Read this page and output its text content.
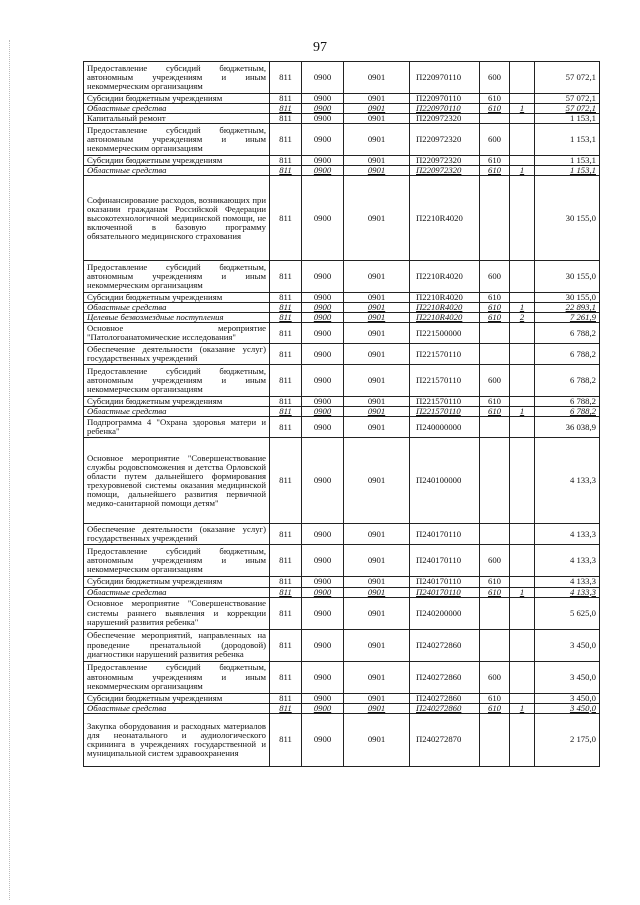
97
Предоставление субсидий бюджетным, автономным учреждениям и иным некоммерческим организациям	811	0900	0901	П220970110	600		57 072,1
Субсидии бюджетным учреждениям	811	0900	0901	П220970110	610		57 072,1
Областные средства	811	0900	0901	П220970110	610	1	57 072,1
Капитальный ремонт	811	0900	0901	П220972320			1 153,1
Предоставление субсидий бюджетным, автономным учреждениям и иным некоммерческим организациям	811	0900	0901	П220972320	600		1 153,1
Субсидии бюджетным учреждениям	811	0900	0901	П220972320	610		1 153,1
Областные средства	811	0900	0901	П220972320	610	1	1 153,1
Софинансирование расходов, возникающих при оказании гражданам Российской Федерации высокотехнологичной медицинской помощи, не включенной в базовую программу обязательного медицинского страхования	811	0900	0901	П2210R4020			30 155,0
Предоставление субсидий бюджетным, автономным учреждениям и иным некоммерческим организациям	811	0900	0901	П2210R4020	600		30 155,0
Субсидии бюджетным учреждениям	811	0900	0901	П2210R4020	610		30 155,0
Областные средства	811	0900	0901	П2210R4020	610	1	22 893,1
Целевые безвозмездные поступления	811	0900	0901	П2210R4020	610	2	7 261,9
Основное мероприятие "Патологоанатомические исследования"	811	0900	0901	П221500000			6 788,2
Обеспечение деятельности (оказание услуг) государственных учреждений	811	0900	0901	П221570110			6 788,2
Предоставление субсидий бюджетным, автономным учреждениям и иным некоммерческим организациям	811	0900	0901	П221570110	600		6 788,2
Субсидии бюджетным учреждениям	811	0900	0901	П221570110	610		6 788,2
Областные средства	811	0900	0901	П221570110	610	1	6 788,2
Подпрограмма 4 "Охрана здоровья матери и ребенка"	811	0900	0901	П240000000			36 038,9
Основное мероприятие "Совершенствование службы родовспоможения и детства Орловской области путем дальнейшего формирования трехуровневой системы оказания медицинской помощи, дальнейшего развития первичной медико-санитарной помощи детям"	811	0900	0901	П240100000			4 133,3
Обеспечение деятельности (оказание услуг) государственных учреждений	811	0900	0901	П240170110			4 133,3
Предоставление субсидий бюджетным, автономным учреждениям и иным некоммерческим организациям	811	0900	0901	П240170110	600		4 133,3
Субсидии бюджетным учреждениям	811	0900	0901	П240170110	610		4 133,3
Областные средства	811	0900	0901	П240170110	610	1	4 133,3
Основное мероприятие "Совершенствование системы раннего выявления и коррекции нарушений развития ребенка"	811	0900	0901	П240200000			5 625,0
Обеспечение мероприятий, направленных на проведение пренатальной (дородовой) диагностики нарушений развития ребенка	811	0900	0901	П240272860			3 450,0
Предоставление субсидий бюджетным, автономным учреждениям и иным некоммерческим организациям	811	0900	0901	П240272860	600		3 450,0
Субсидии бюджетным учреждениям	811	0900	0901	П240272860	610		3 450,0
Областные средства	811	0900	0901	П240272860	610	1	3 450,0
Закупка оборудования и расходных материалов для неонатального и аудиологического скрининга в учреждениях государственной и муниципальной систем здравоохранения	811	0900	0901	П240272870			2 175,0
